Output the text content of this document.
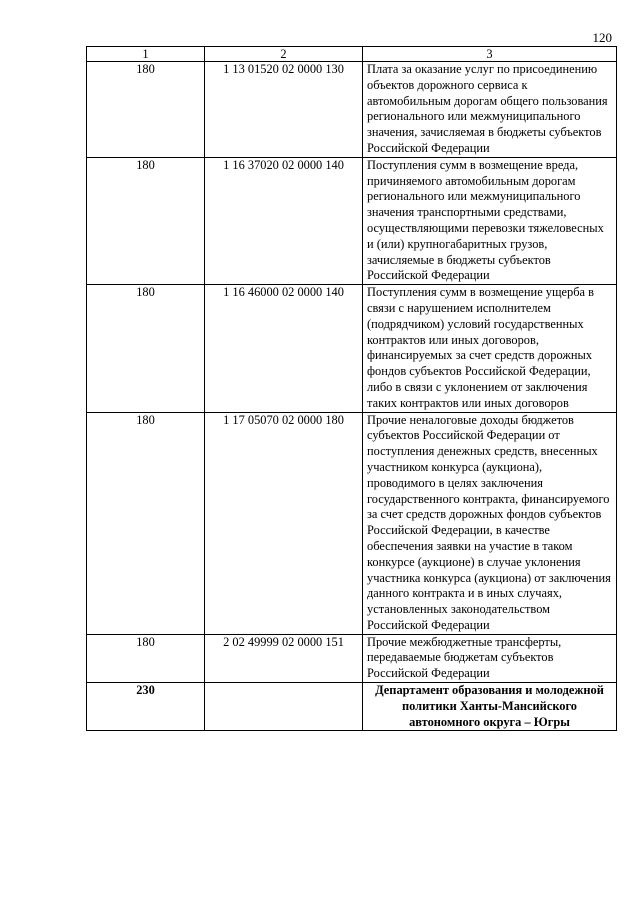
120
1	2	3
180	1 13 01520 02 0000 130	Плата за оказание услуг по присоединению объектов дорожного сервиса к автомобильным дорогам общего пользования регионального или межмуниципального значения, зачисляемая в бюджеты субъектов Российской Федерации
180	1 16 37020 02 0000 140	Поступления сумм в возмещение вреда, причиняемого автомобильным дорогам регионального или межмуниципального значения транспортными средствами, осуществляющими перевозки тяжеловесных и (или) крупногабаритных грузов, зачисляемые в бюджеты субъектов Российской Федерации
180	1 16 46000 02 0000 140	Поступления сумм в возмещение ущерба в связи с нарушением исполнителем (подрядчиком) условий государственных контрактов или иных договоров, финансируемых за счет средств дорожных фондов субъектов Российской Федерации, либо в связи с уклонением от заключения таких контрактов или иных договоров
180	1 17 05070 02 0000 180	Прочие неналоговые доходы бюджетов субъектов Российской Федерации от поступления денежных средств, внесенных участником конкурса (аукциона), проводимого в целях заключения государственного контракта, финансируемого за счет средств дорожных фондов субъектов Российской Федерации, в качестве обеспечения заявки на участие в таком конкурсе (аукционе) в случае уклонения участника конкурса (аукциона) от заключения данного контракта и в иных случаях, установленных законодательством Российской Федерации
180	2 02 49999 02 0000 151	Прочие межбюджетные трансферты, передаваемые бюджетам субъектов Российской Федерации
230		Департамент образования и молодежной политики Ханты-Мансийского автономного округа – Югры
